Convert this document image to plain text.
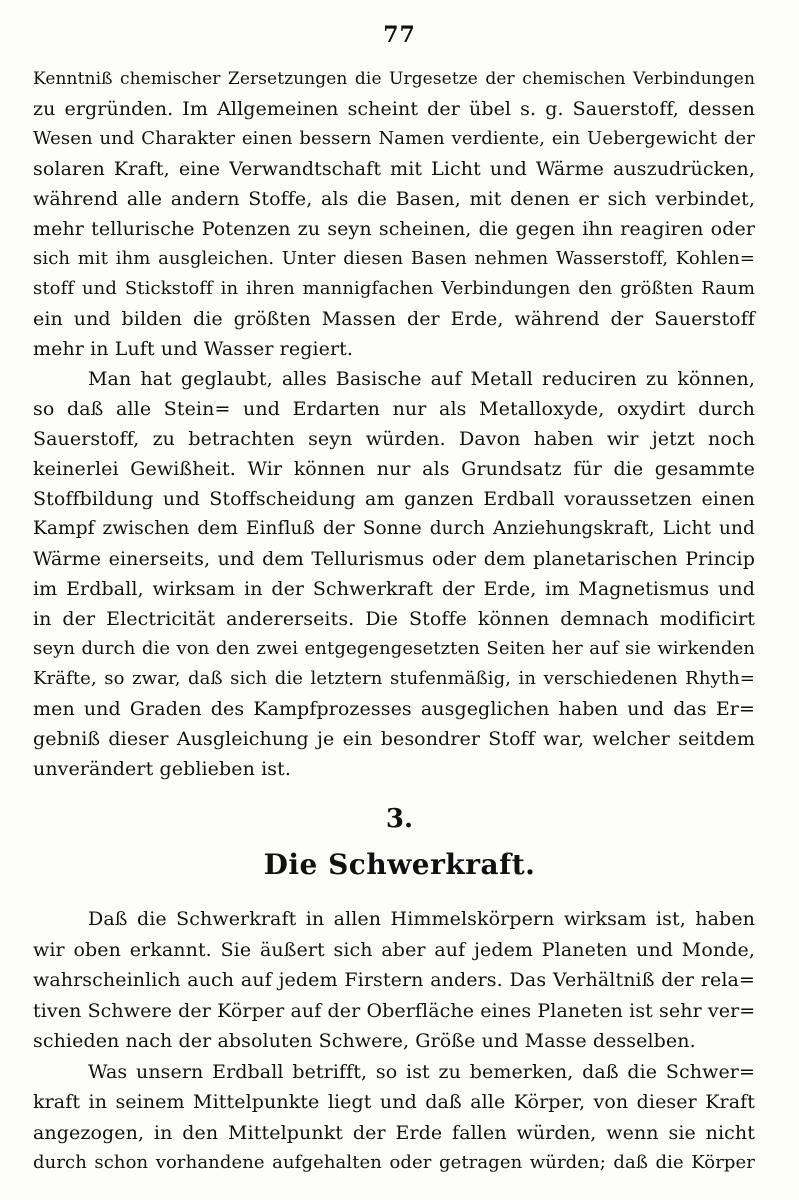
77
Kenntniß chemischer Zersetzungen die Urgesetze der chemischen Verbindungen
zu ergründen. Im Allgemeinen scheint der übel s. g. Sauerstoff, dessen
Wesen und Charakter einen bessern Namen verdiente, ein Uebergewicht der
solaren Kraft, eine Verwandtschaft mit Licht und Wärme auszudrücken,
während alle andern Stoffe, als die Basen, mit denen er sich verbindet,
mehr tellurische Potenzen zu seyn scheinen, die gegen ihn reagiren oder
sich mit ihm ausgleichen. Unter diesen Basen nehmen Wasserstoff, Kohlen=
stoff und Stickstoff in ihren mannigfachen Verbindungen den größten Raum
ein und bilden die größten Massen der Erde, während der Sauerstoff
mehr in Luft und Wasser regiert.
Man hat geglaubt, alles Basische auf Metall reduciren zu können,
so daß alle Stein= und Erdarten nur als Metalloxyde, oxydirt durch
Sauerstoff, zu betrachten seyn würden. Davon haben wir jetzt noch
keinerlei Gewißheit. Wir können nur als Grundsatz für die gesammte
Stoffbildung und Stoffscheidung am ganzen Erdball voraussetzen einen
Kampf zwischen dem Einfluß der Sonne durch Anziehungskraft, Licht und
Wärme einerseits, und dem Tellurismus oder dem planetarischen Princip
im Erdball, wirksam in der Schwerkraft der Erde, im Magnetismus und
in der Electricität andererseits. Die Stoffe können demnach modificirt
seyn durch die von den zwei entgegengesetzten Seiten her auf sie wirkenden
Kräfte, so zwar, daß sich die letztern stufenmäßig, in verschiedenen Rhyth=
men und Graden des Kampfprozesses ausgeglichen haben und das Er=
gebniß dieser Ausgleichung je ein besondrer Stoff war, welcher seitdem
unverändert geblieben ist.
3.
Die Schwerkraft.
Daß die Schwerkraft in allen Himmelskörpern wirksam ist, haben
wir oben erkannt. Sie äußert sich aber auf jedem Planeten und Monde,
wahrscheinlich auch auf jedem Firstern anders. Das Verhältniß der rela=
tiven Schwere der Körper auf der Oberfläche eines Planeten ist sehr ver=
schieden nach der absoluten Schwere, Größe und Masse desselben.
Was unsern Erdball betrifft, so ist zu bemerken, daß die Schwer=
kraft in seinem Mittelpunkte liegt und daß alle Körper, von dieser Kraft
angezogen, in den Mittelpunkt der Erde fallen würden, wenn sie nicht
durch schon vorhandene aufgehalten oder getragen würden; daß die Körper
